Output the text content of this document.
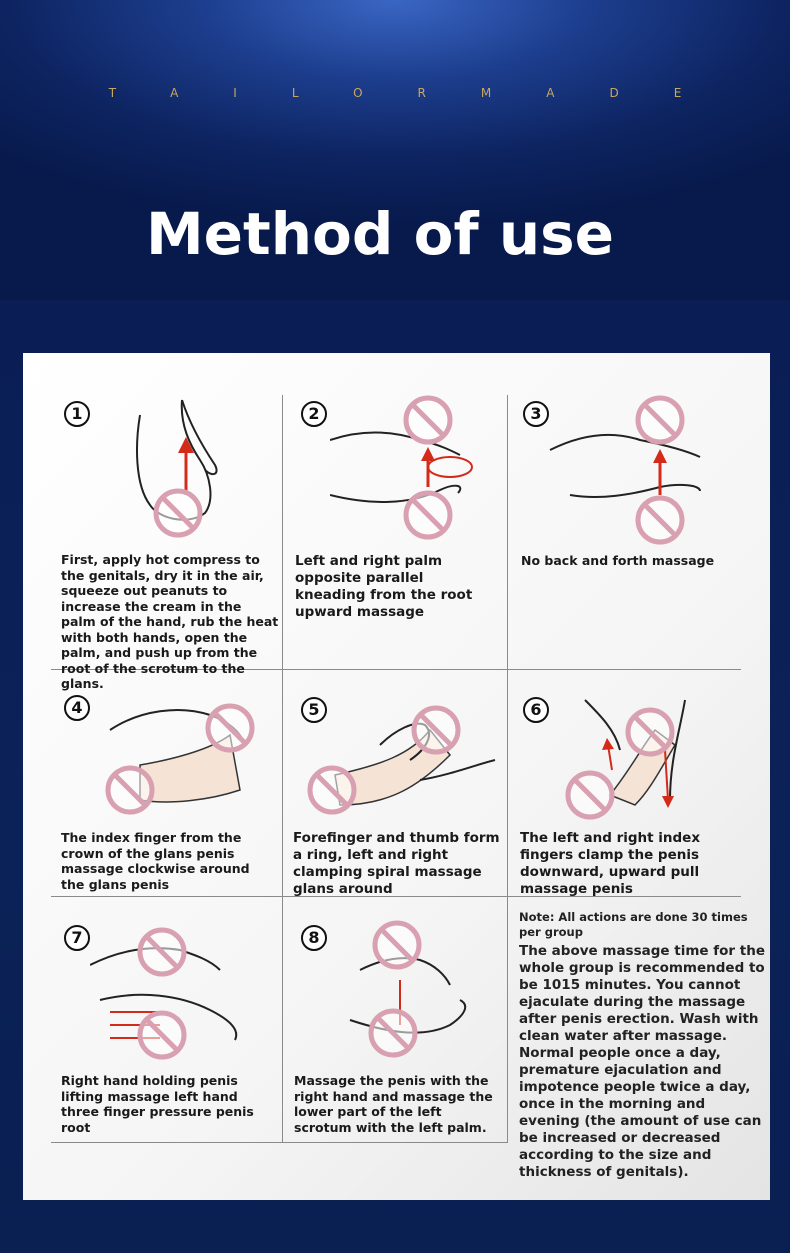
TAILORMADE
Method of use
1
First, apply hot compress to the genitals, dry it in the air, squeeze out peanuts to increase the cream in the palm of the hand, rub the heat with both hands, open the palm, and push up from the root of the scrotum to the glans.
2
Left and right palm opposite parallel kneading from the root upward massage
3
No back and forth massage
4
The index finger from the crown of the glans penis massage clockwise around the glans penis
5
Forefinger and thumb form a ring, left and right clamping spiral massage glans around
6
The left and right index fingers clamp the penis downward, upward pull massage penis
7
Right hand holding penis lifting massage left hand three finger pressure penis root
8
Massage the penis with the right hand and massage the lower part of the left scrotum with the left palm.
Note: All actions are done 30 times per group
The above massage time for the whole group is recommended to be 1015 minutes. You cannot ejaculate during the massage after penis erection. Wash with clean water after massage. Normal people once a day, premature ejaculation and impotence people twice a day, once in the morning and evening (the amount of use can be increased or decreased according to the size and thickness of genitals).
